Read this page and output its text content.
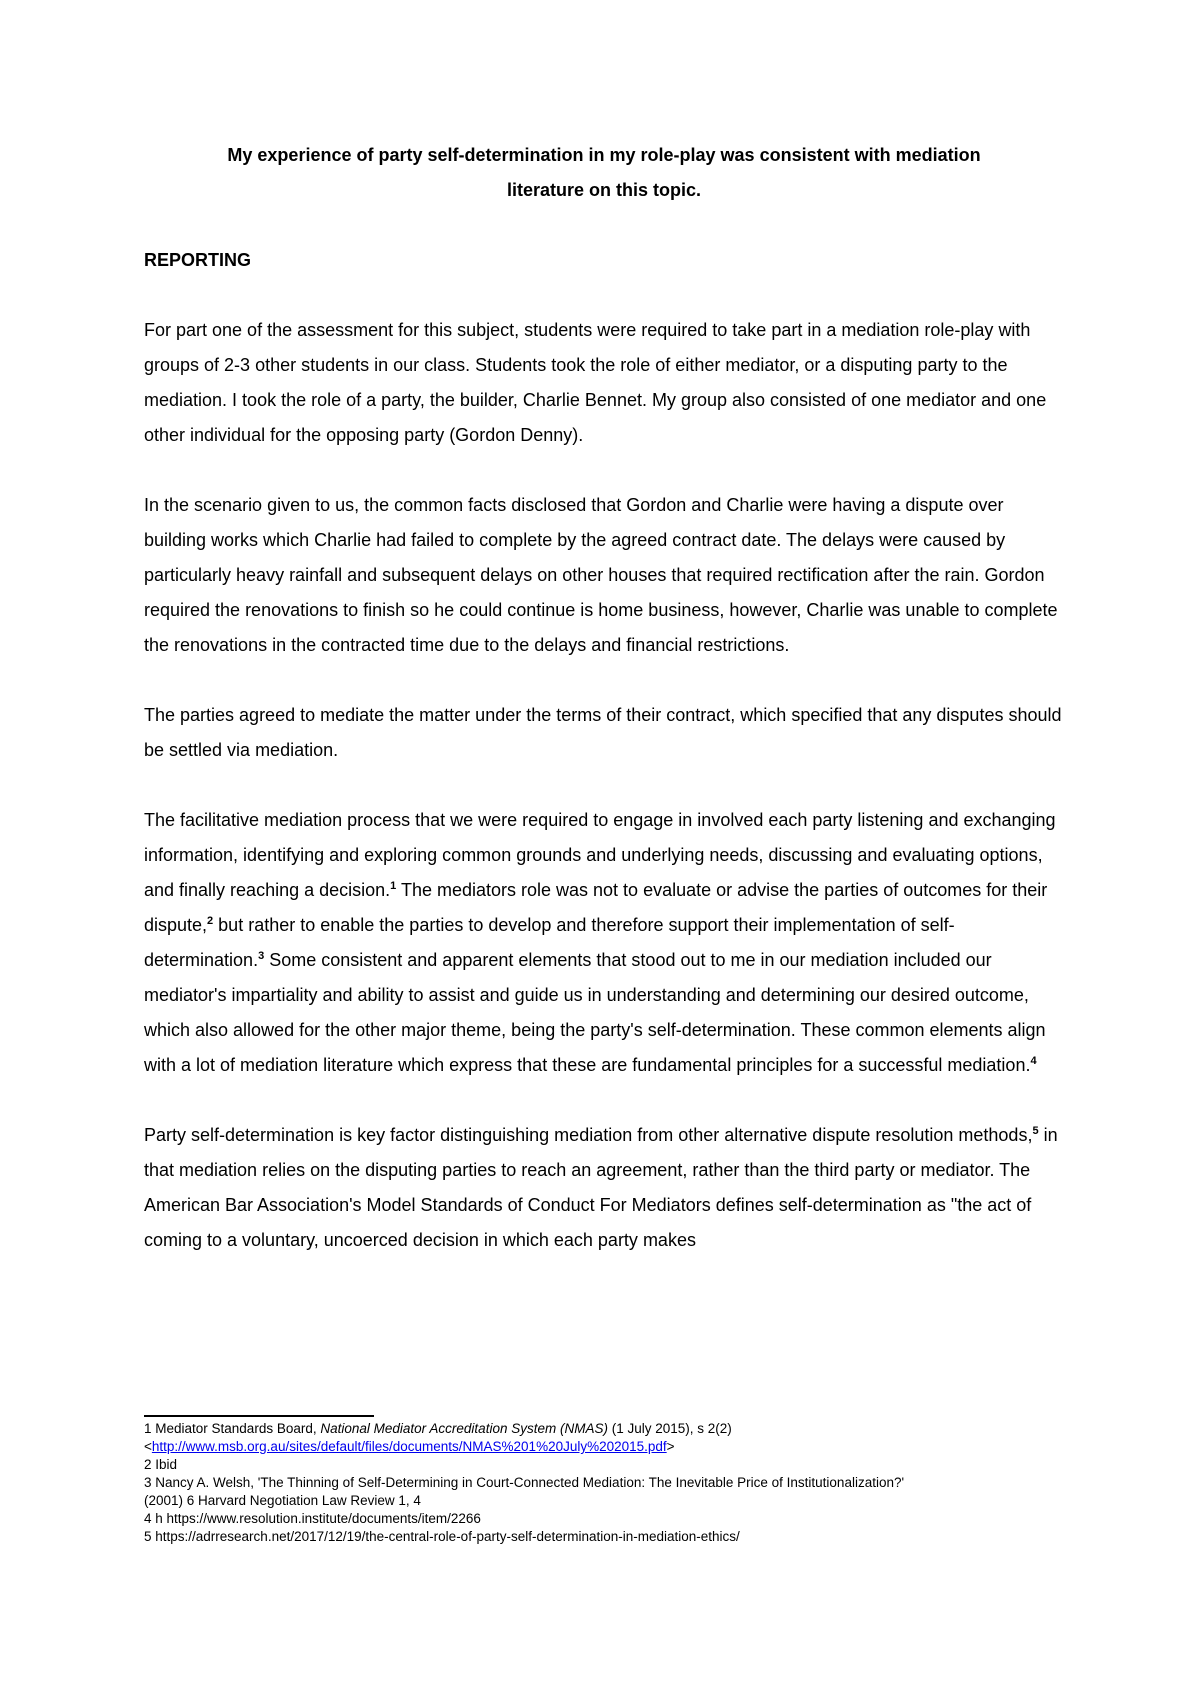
My experience of party self-determination in my role-play was consistent with mediation
literature on this topic.

REPORTING

For part one of the assessment for this subject, students were required to take part in a mediation role-play with groups of 2-3 other students in our class. Students took the role of either mediator, or a disputing party to the mediation. I took the role of a party, the builder, Charlie Bennet. My group also consisted of one mediator and one other individual for the opposing party (Gordon Denny).

In the scenario given to us, the common facts disclosed that Gordon and Charlie were having a dispute over building works which Charlie had failed to complete by the agreed contract date. The delays were caused by particularly heavy rainfall and subsequent delays on other houses that required rectification after the rain. Gordon required the renovations to finish so he could continue is home business, however, Charlie was unable to complete the renovations in the contracted time due to the delays and financial restrictions.

The parties agreed to mediate the matter under the terms of their contract, which specified that any disputes should be settled via mediation.

The facilitative mediation process that we were required to engage in involved each party listening and exchanging information, identifying and exploring common grounds and underlying needs, discussing and evaluating options, and finally reaching a decision.$^1$ The mediators role was not to evaluate or advise the parties of outcomes for their dispute,$^2$ but rather to enable the parties to develop and therefore support their implementation of self-determination.$^3$ Some consistent and apparent elements that stood out to me in our mediation included our mediator's impartiality and ability to assist and guide us in understanding and determining our desired outcome, which also allowed for the other major theme, being the party's self-determination. These common elements align with a lot of mediation literature which express that these are fundamental principles for a successful mediation.$^4$

Party self-determination is key factor distinguishing mediation from other alternative dispute resolution methods,$^5$ in that mediation relies on the disputing parties to reach an agreement, rather than the third party or mediator. The American Bar Association's Model Standards of Conduct For Mediators defines self-determination as "the act of coming to a voluntary, uncoerced decision in which each party makes

1 Mediator Standards Board, National Mediator Accreditation System (NMAS) (1 July 2015), s 2(2)
<http://www.msb.org.au/sites/default/files/documents/NMAS%201%20July%202015.pdf>

2 Ibid

3 Nancy A. Welsh, 'The Thinning of Self-Determining in Court-Connected Mediation: The Inevitable Price of Institutionalization?'
(2001) 6 Harvard Negotiation Law Review 1, 4

4 h https://www.resolution.institute/documents/item/2266

5 https://adrresearch.net/2017/12/19/the-central-role-of-party-self-determination-in-mediation-ethics/
